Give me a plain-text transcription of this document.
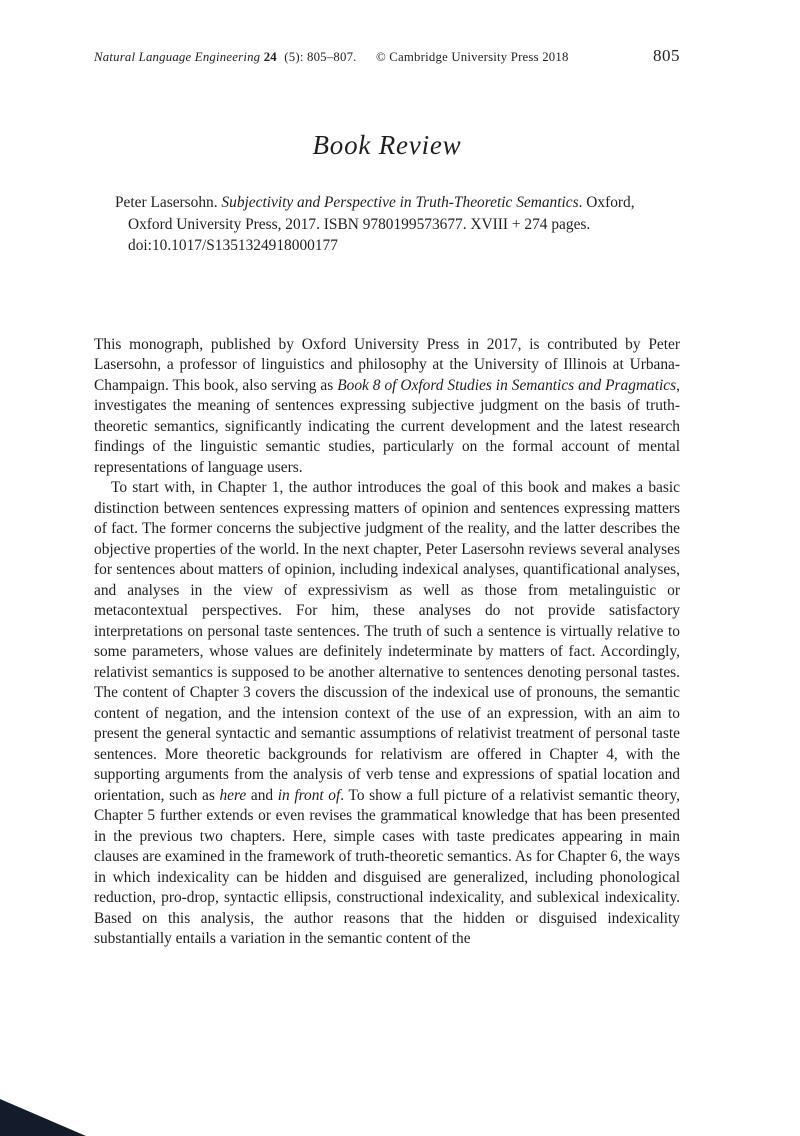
Natural Language Engineering 24 (5): 805–807. © Cambridge University Press 2018	805
Book Review

Peter Lasersohn. Subjectivity and Perspective in Truth-Theoretic Semantics. Oxford, Oxford University Press, 2017. ISBN 9780199573677. XVIII + 274 pages. doi:10.1017/S1351324918000177

This monograph, published by Oxford University Press in 2017, is contributed by Peter Lasersohn, a professor of linguistics and philosophy at the University of Illinois at Urbana-Champaign. This book, also serving as Book 8 of Oxford Studies in Semantics and Pragmatics, investigates the meaning of sentences expressing subjective judgment on the basis of truth-theoretic semantics, significantly indicating the current development and the latest research findings of the linguistic semantic studies, particularly on the formal account of mental representations of language users.

To start with, in Chapter 1, the author introduces the goal of this book and makes a basic distinction between sentences expressing matters of opinion and sentences expressing matters of fact. The former concerns the subjective judgment of the reality, and the latter describes the objective properties of the world. In the next chapter, Peter Lasersohn reviews several analyses for sentences about matters of opinion, including indexical analyses, quantificational analyses, and analyses in the view of expressivism as well as those from metalinguistic or metacontextual perspectives. For him, these analyses do not provide satisfactory interpretations on personal taste sentences. The truth of such a sentence is virtually relative to some parameters, whose values are definitely indeterminate by matters of fact. Accordingly, relativist semantics is supposed to be another alternative to sentences denoting personal tastes. The content of Chapter 3 covers the discussion of the indexical use of pronouns, the semantic content of negation, and the intension context of the use of an expression, with an aim to present the general syntactic and semantic assumptions of relativist treatment of personal taste sentences. More theoretic backgrounds for relativism are offered in Chapter 4, with the supporting arguments from the analysis of verb tense and expressions of spatial location and orientation, such as here and in front of. To show a full picture of a relativist semantic theory, Chapter 5 further extends or even revises the grammatical knowledge that has been presented in the previous two chapters. Here, simple cases with taste predicates appearing in main clauses are examined in the framework of truth-theoretic semantics. As for Chapter 6, the ways in which indexicality can be hidden and disguised are generalized, including phonological reduction, pro-drop, syntactic ellipsis, constructional indexicality, and sublexical indexicality. Based on this analysis, the author reasons that the hidden or disguised indexicality substantially entails a variation in the semantic content of the
